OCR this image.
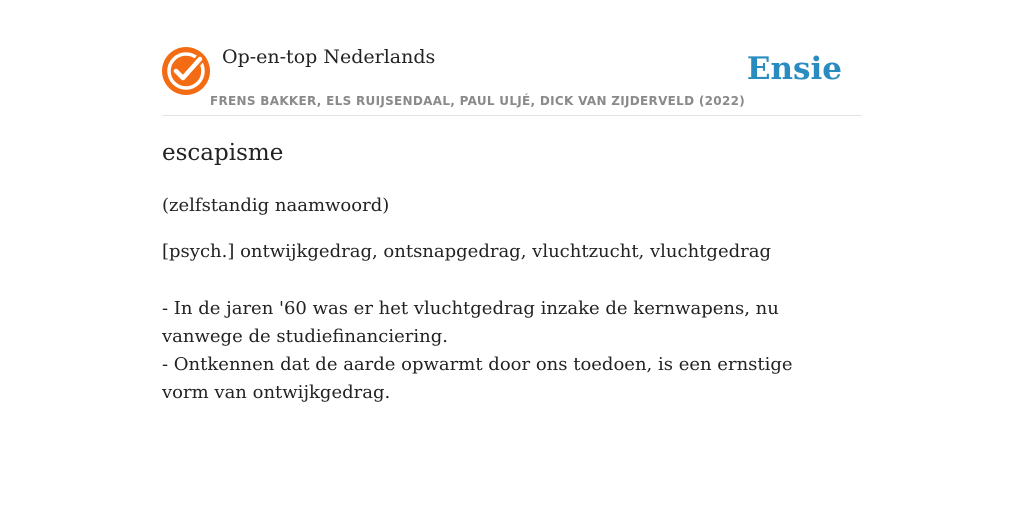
Op-en-top Nederlands
FRENS BAKKER, ELS RUIJSENDAAL, PAUL ULJÉ, DICK VAN ZIJDERVELD (2022)
Ensie
escapisme
(zelfstandig naamwoord)
[psych.] ontwijkgedrag, ontsnapgedrag, vluchtzucht, vluchtgedrag
- In de jaren '60 was er het vluchtgedrag inzake de kernwapens, nu vanwege de studiefinanciering.
- Ontkennen dat de aarde opwarmt door ons toedoen, is een ernstige vorm van ontwijkgedrag.
